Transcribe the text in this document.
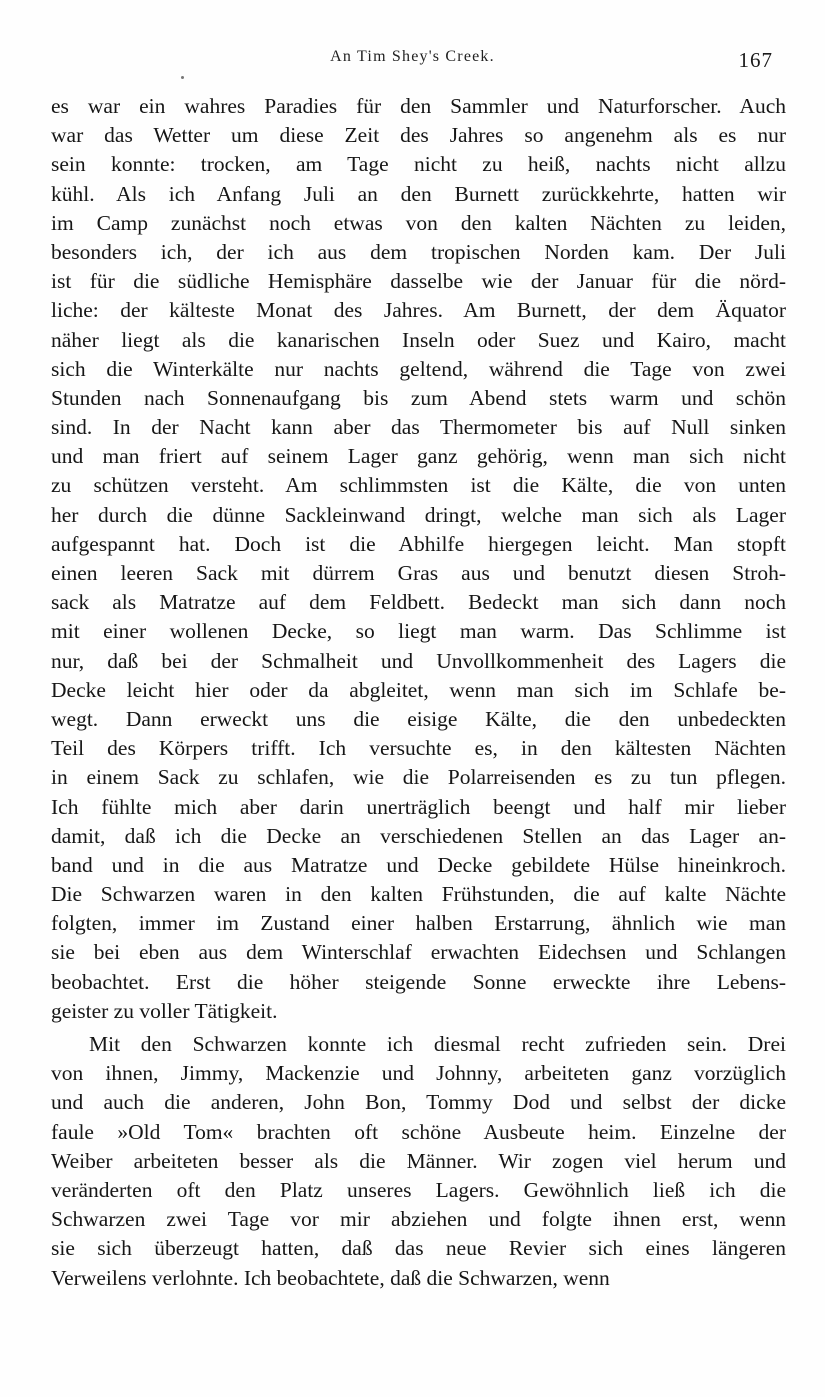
An Tim Shey's Creek.	167
es war ein wahres Paradies für den Sammler und Naturforscher. Auch
war das Wetter um diese Zeit des Jahres so angenehm als es nur
sein konnte: trocken, am Tage nicht zu heiß, nachts nicht allzu
kühl. Als ich Anfang Juli an den Burnett zurückkehrte, hatten wir
im Camp zunächst noch etwas von den kalten Nächten zu leiden,
besonders ich, der ich aus dem tropischen Norden kam. Der Juli
ist für die südliche Hemisphäre dasselbe wie der Januar für die nörd-
liche: der kälteste Monat des Jahres. Am Burnett, der dem Äquator
näher liegt als die kanarischen Inseln oder Suez und Kairo, macht
sich die Winterkälte nur nachts geltend, während die Tage von zwei
Stunden nach Sonnenaufgang bis zum Abend stets warm und schön
sind. In der Nacht kann aber das Thermometer bis auf Null sinken
und man friert auf seinem Lager ganz gehörig, wenn man sich nicht
zu schützen versteht. Am schlimmsten ist die Kälte, die von unten
her durch die dünne Sackleinwand dringt, welche man sich als Lager
aufgespannt hat. Doch ist die Abhilfe hiergegen leicht. Man stopft
einen leeren Sack mit dürrem Gras aus und benutzt diesen Stroh-
sack als Matratze auf dem Feldbett. Bedeckt man sich dann noch
mit einer wollenen Decke, so liegt man warm. Das Schlimme ist
nur, daß bei der Schmalheit und Unvollkommenheit des Lagers die
Decke leicht hier oder da abgleitet, wenn man sich im Schlafe be-
wegt. Dann erweckt uns die eisige Kälte, die den unbedeckten
Teil des Körpers trifft. Ich versuchte es, in den kältesten Nächten
in einem Sack zu schlafen, wie die Polarreisenden es zu tun pflegen.
Ich fühlte mich aber darin unerträglich beengt und half mir lieber
damit, daß ich die Decke an verschiedenen Stellen an das Lager an-
band und in die aus Matratze und Decke gebildete Hülse hineinkroch.
Die Schwarzen waren in den kalten Frühstunden, die auf kalte Nächte
folgten, immer im Zustand einer halben Erstarrung, ähnlich wie man
sie bei eben aus dem Winterschlaf erwachten Eidechsen und Schlangen
beobachtet. Erst die höher steigende Sonne erweckte ihre Lebens-
geister zu voller Tätigkeit.
Mit den Schwarzen konnte ich diesmal recht zufrieden sein. Drei
von ihnen, Jimmy, Mackenzie und Johnny, arbeiteten ganz vorzüglich
und auch die anderen, John Bon, Tommy Dod und selbst der dicke
faule »Old Tom« brachten oft schöne Ausbeute heim. Einzelne der
Weiber arbeiteten besser als die Männer. Wir zogen viel herum und
veränderten oft den Platz unseres Lagers. Gewöhnlich ließ ich die
Schwarzen zwei Tage vor mir abziehen und folgte ihnen erst, wenn
sie sich überzeugt hatten, daß das neue Revier sich eines längeren
Verweilens verlohnte. Ich beobachtete, daß die Schwarzen, wenn
